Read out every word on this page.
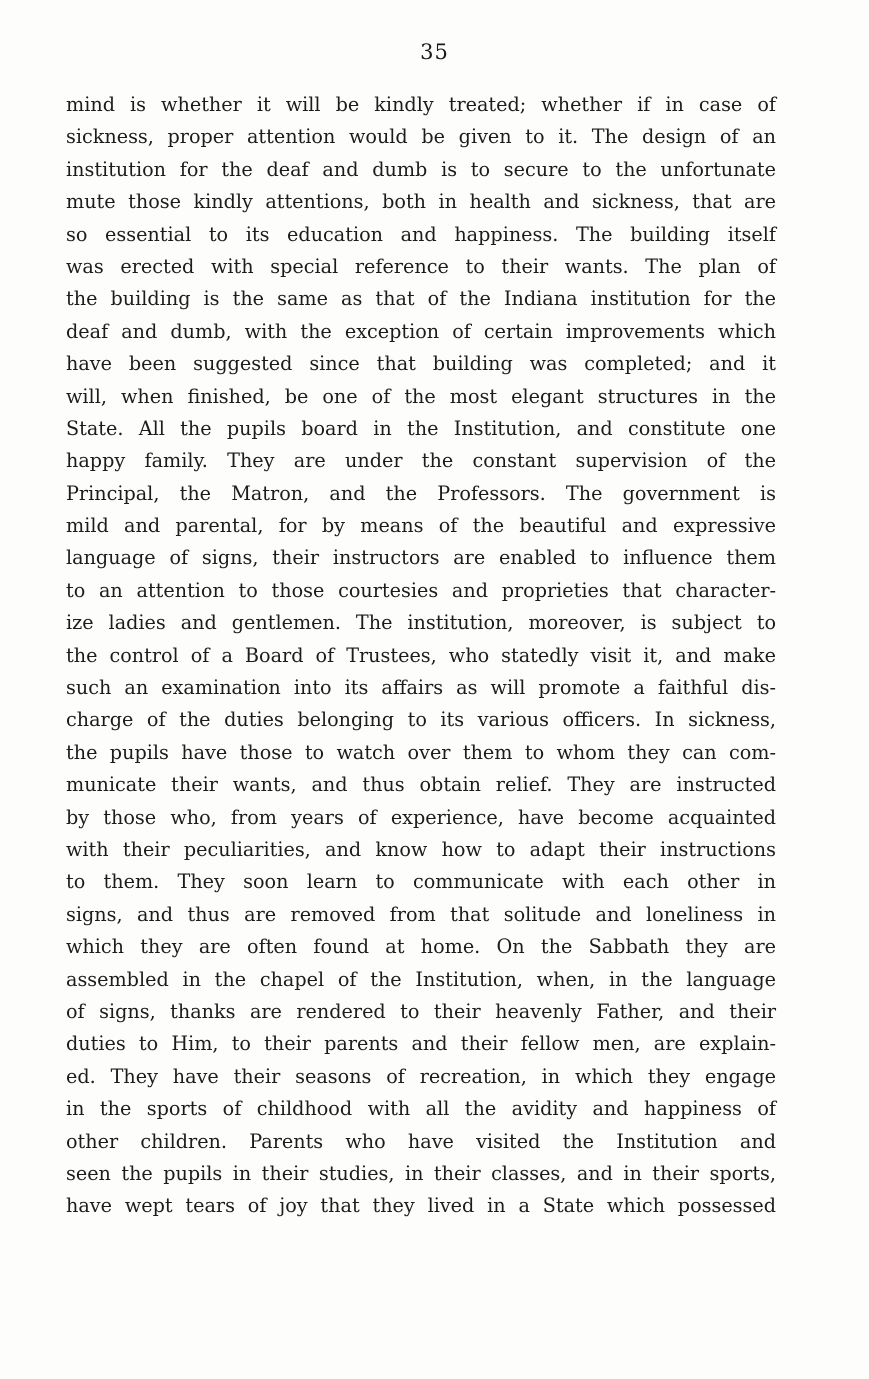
35
mind is whether it will be kindly treated; whether if in case of
sickness, proper attention would be given to it. The design of an
institution for the deaf and dumb is to secure to the unfortunate
mute those kindly attentions, both in health and sickness, that are
so essential to its education and happiness. The building itself
was erected with special reference to their wants. The plan of
the building is the same as that of the Indiana institution for the
deaf and dumb, with the exception of certain improvements which
have been suggested since that building was completed; and it
will, when finished, be one of the most elegant structures in the
State. All the pupils board in the Institution, and constitute one
happy family. They are under the constant supervision of the
Principal, the Matron, and the Professors. The government is
mild and parental, for by means of the beautiful and expressive
language of signs, their instructors are enabled to influence them
to an attention to those courtesies and proprieties that character-
ize ladies and gentlemen. The institution, moreover, is subject to
the control of a Board of Trustees, who statedly visit it, and make
such an examination into its affairs as will promote a faithful dis-
charge of the duties belonging to its various officers. In sickness,
the pupils have those to watch over them to whom they can com-
municate their wants, and thus obtain relief. They are instructed
by those who, from years of experience, have become acquainted
with their peculiarities, and know how to adapt their instructions
to them. They soon learn to communicate with each other in
signs, and thus are removed from that solitude and loneliness in
which they are often found at home. On the Sabbath they are
assembled in the chapel of the Institution, when, in the language
of signs, thanks are rendered to their heavenly Father, and their
duties to Him, to their parents and their fellow men, are explain-
ed. They have their seasons of recreation, in which they engage
in the sports of childhood with all the avidity and happiness of
other children. Parents who have visited the Institution and
seen the pupils in their studies, in their classes, and in their sports,
have wept tears of joy that they lived in a State which possessed
